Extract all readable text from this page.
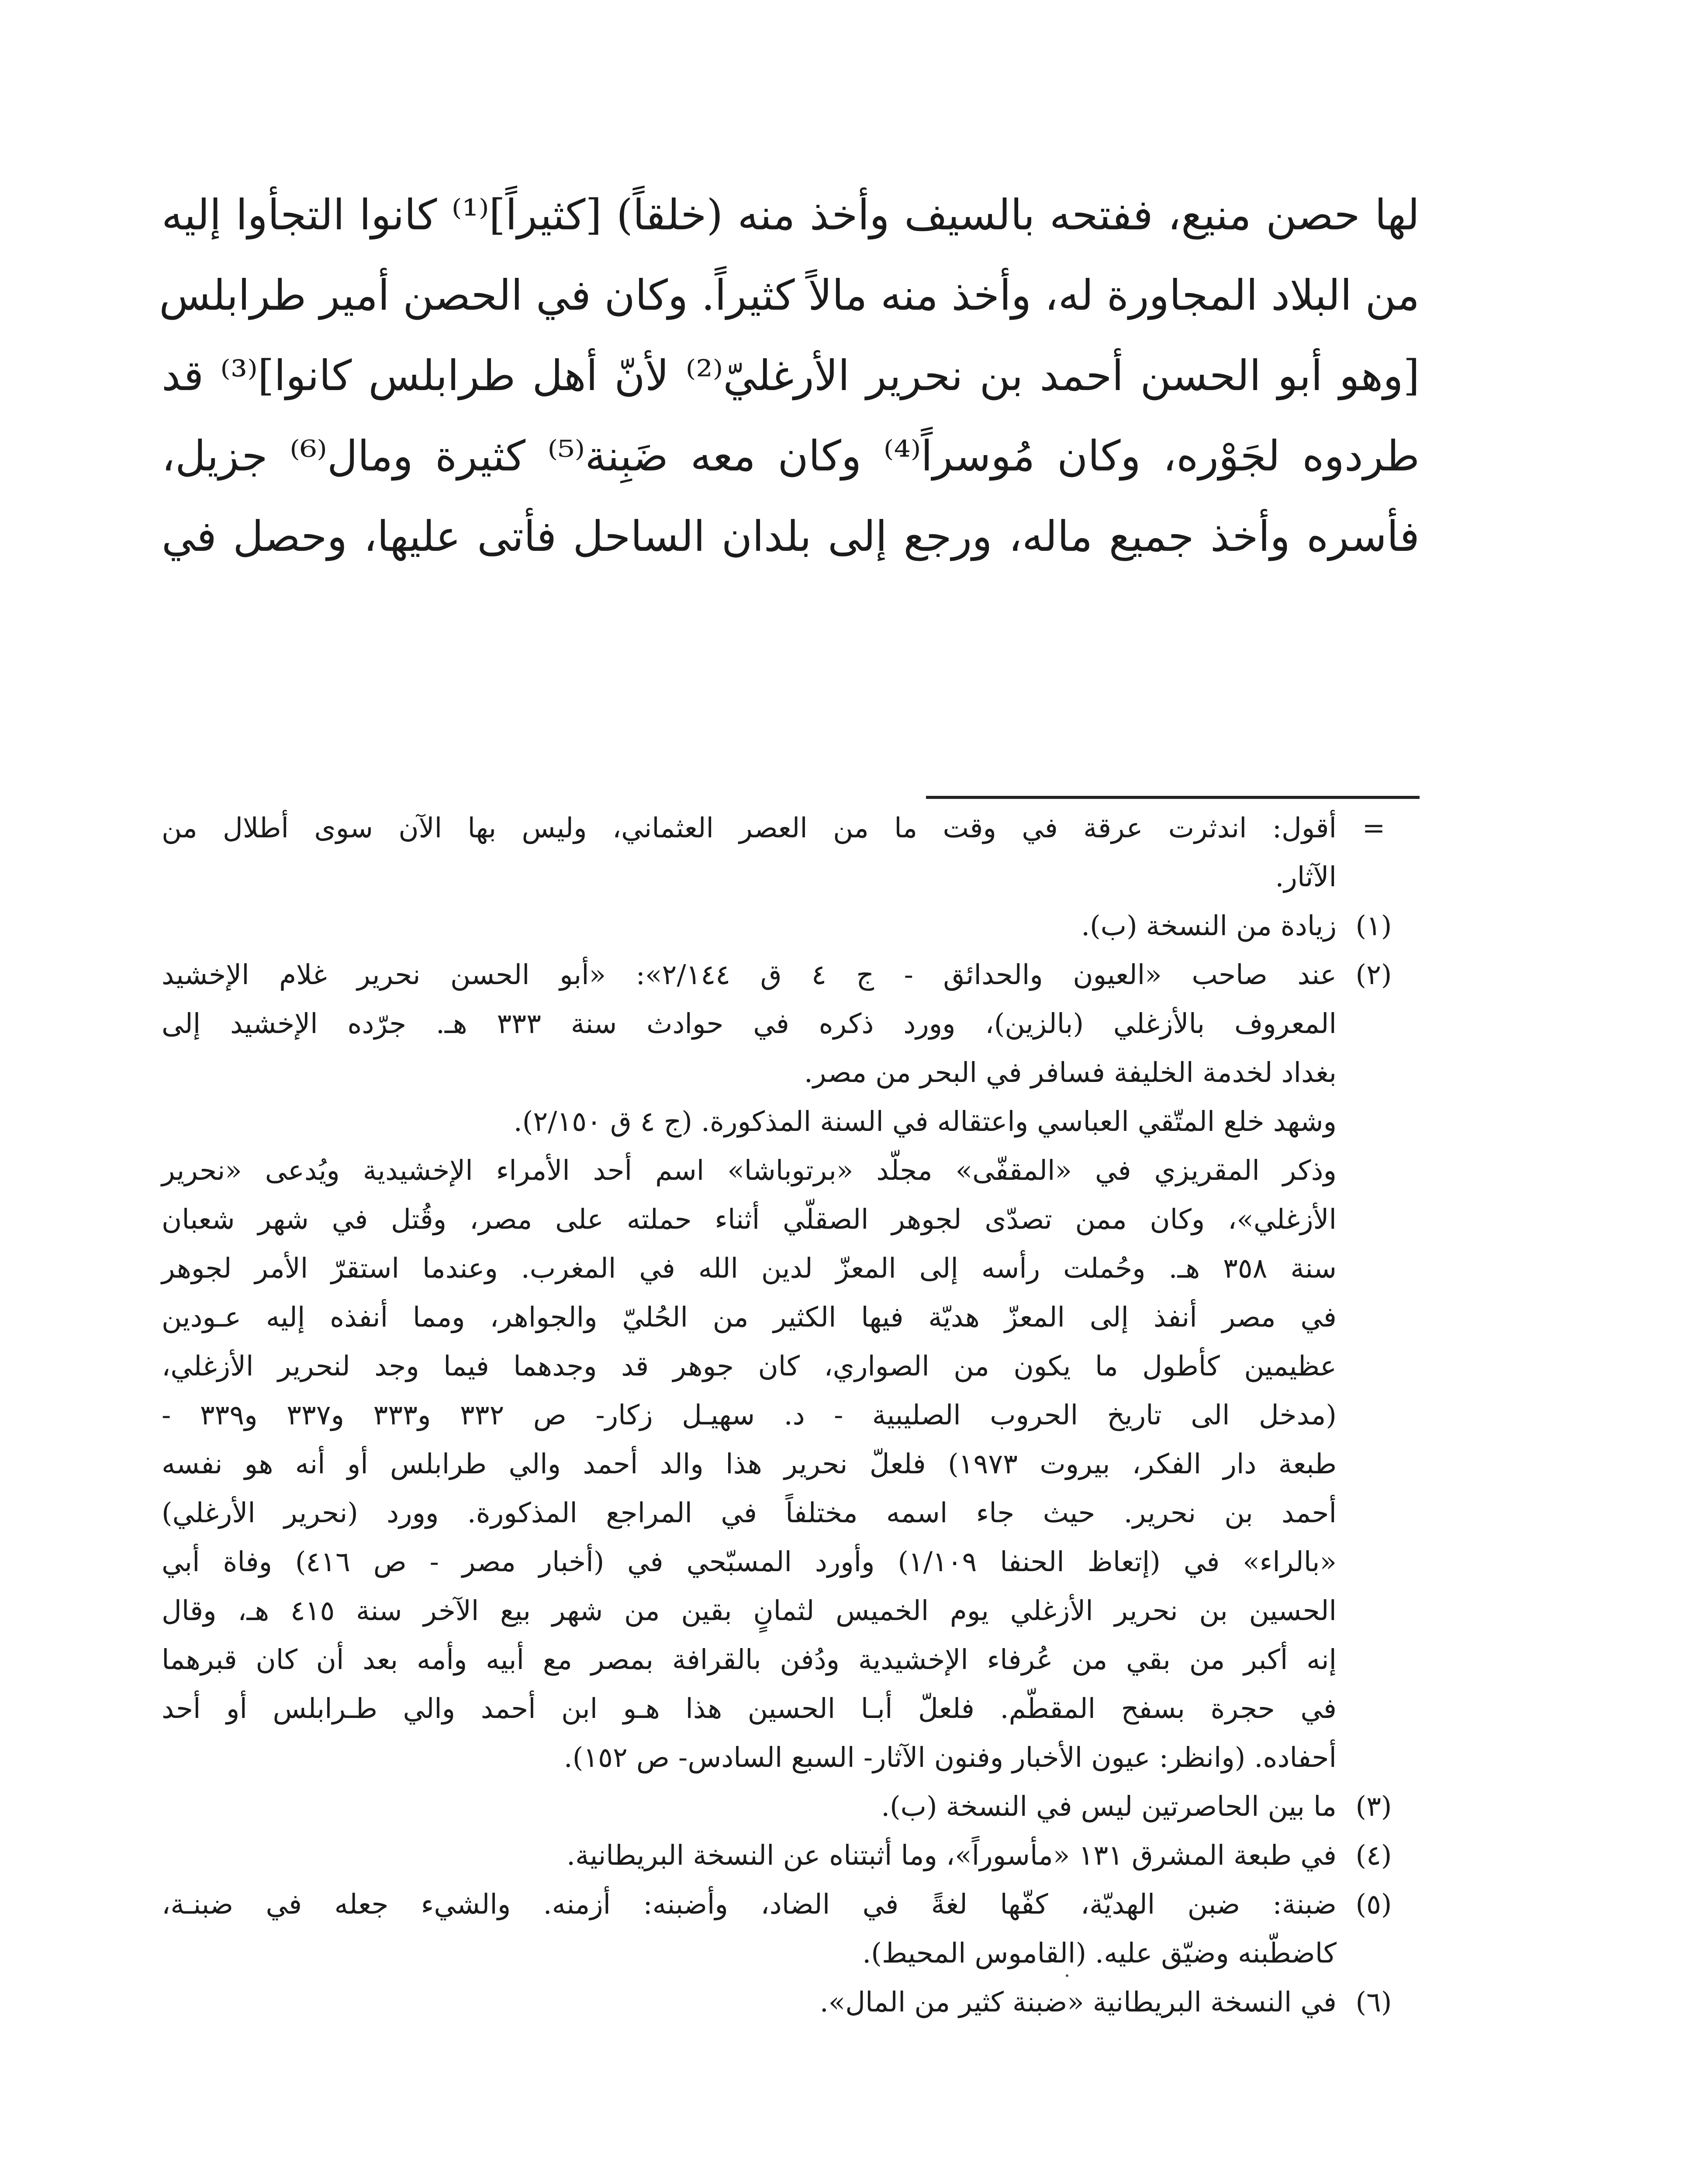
لها حصن منيع، ففتحه بالسيف وأخذ منه (خلقاً) [كثيراً]⁽¹⁾ كانوا التجأوا إليه
من البلاد المجاورة له، وأخذ منه مالاً كثيراً. وكان في الحصن أمير طرابلس
[وهو أبو الحسن أحمد بن نحرير الأرغليّ⁽²⁾ لأنّ أهل طرابلس كانوا]⁽³⁾ قد
طردوه لجَوْره، وكان مُوسراً⁽⁴⁾ وكان معه ضَبِنة⁽⁵⁾ كثيرة ومال⁽⁶⁾ جزيل،
فأسره وأخذ جميع ماله، ورجع إلى بلدان الساحل فأتى عليها، وحصل في
=
أقول: اندثرت عرقة في وقت ما من العصر العثماني، وليس بها الآن سوى أطلال من
الآثار.
(١)
زيادة من النسخة (ب).
(٢)
عند صاحب «العيون والحدائق - ج ٤ ق ٢/١٤٤»: «أبو الحسن نحرير غلام الإخشيد
المعروف بالأزغلي (بالزين)، وورد ذكره في حوادث سنة ٣٣٣ هـ. جرّده الإخشيد إلى
بغداد لخدمة الخليفة فسافر في البحر من مصر.
وشهد خلع المتّقي العباسي واعتقاله في السنة المذكورة. (ج ٤ ق ٢/١٥٠).
وذكر المقريزي في «المقفّى» مجلّد «برتوباشا» اسم أحد الأمراء الإخشيدية ويُدعى «نحرير
الأزغلي»، وكان ممن تصدّى لجوهر الصقلّي أثناء حملته على مصر، وقُتل في شهر شعبان
سنة ٣٥٨ هـ. وحُملت رأسه إلى المعزّ لدين الله في المغرب. وعندما استقرّ الأمر لجوهر
في مصر أنفذ إلى المعزّ هديّة فيها الكثير من الحُليّ والجواهر، ومما أنفذه إليه عـودين
عظيمين كأطول ما يكون من الصواري، كان جوهر قد وجدهما فيما وجد لنحرير الأزغلي،
(مدخل الى تاريخ الحروب الصليبية - د. سهيـل زكار- ص ٣٣٢ و٣٣٣ و٣٣٧ و٣٣٩ -
طبعة دار الفكر، بيروت ١٩٧٣) فلعلّ نحرير هذا والد أحمد والي طرابلس أو أنه هو نفسه
أحمد بن نحرير. حيث جاء اسمه مختلفاً في المراجع المذكورة. وورد (نحرير الأرغلي)
«بالراء» في (إتعاظ الحنفا ١/١٠٩) وأورد المسبّحي في (أخبار مصر - ص ٤١٦) وفاة أبي
الحسين بن نحرير الأزغلي يوم الخميس لثمانٍ بقين من شهر بيع الآخر سنة ٤١٥ هـ، وقال
إنه أكبر من بقي من عُرفاء الإخشيدية ودُفن بالقرافة بمصر مع أبيه وأمه بعد أن كان قبرهما
في حجرة بسفح المقطّم. فلعلّ أبـا الحسين هذا هـو ابن أحمد والي طـرابلس أو أحد
أحفاده. (وانظر: عيون الأخبار وفنون الآثار- السبع السادس- ص ١٥٢).
(٣)
ما بين الحاصرتين ليس في النسخة (ب).
(٤)
في طبعة المشرق ١٣١ «مأسوراً»، وما أثبتناه عن النسخة البريطانية.
(٥)
ضبنة: ضبن الهديّة، كفّها لغةً في الضاد، وأضبنه: أزمنه. والشيء جعله في ضبنـة،
كاضطّبنه وضيّق عليه. (القاموس المحيط).
(٦)
في النسخة البريطانية «ضبنة كثير من المال».
